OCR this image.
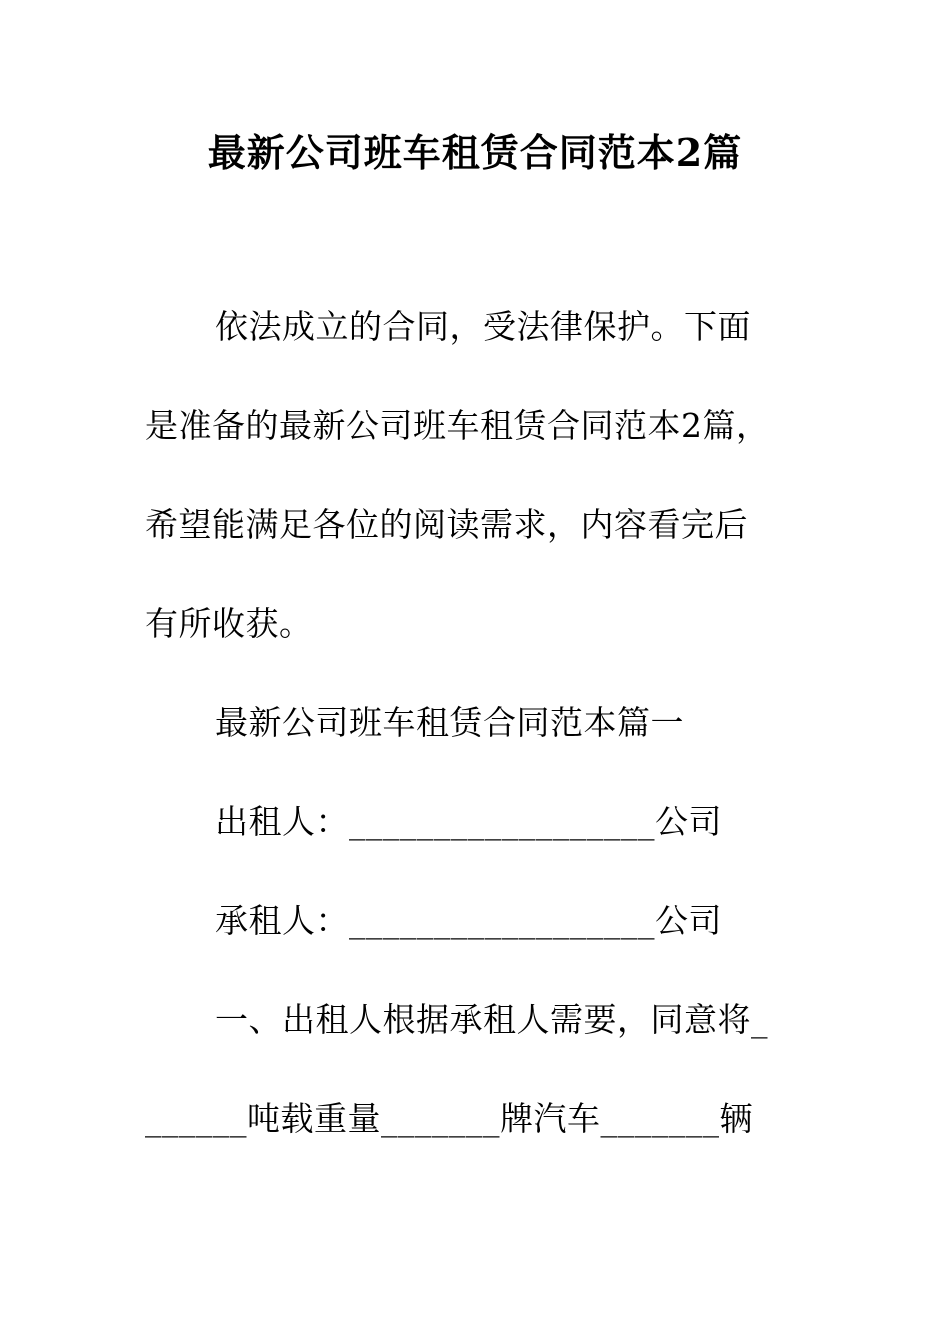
最新公司班车租赁合同范本2篇
依法成立的合同，受法律保护。下面
是准备的最新公司班车租赁合同范本2篇，
希望能满足各位的阅读需求，内容看完后
有所收获。
最新公司班车租赁合同范本篇一
出租人：__________________公司
承租人：__________________公司
一、出租人根据承租人需要，同意将_
______吨载重量_______牌汽车_______辆
